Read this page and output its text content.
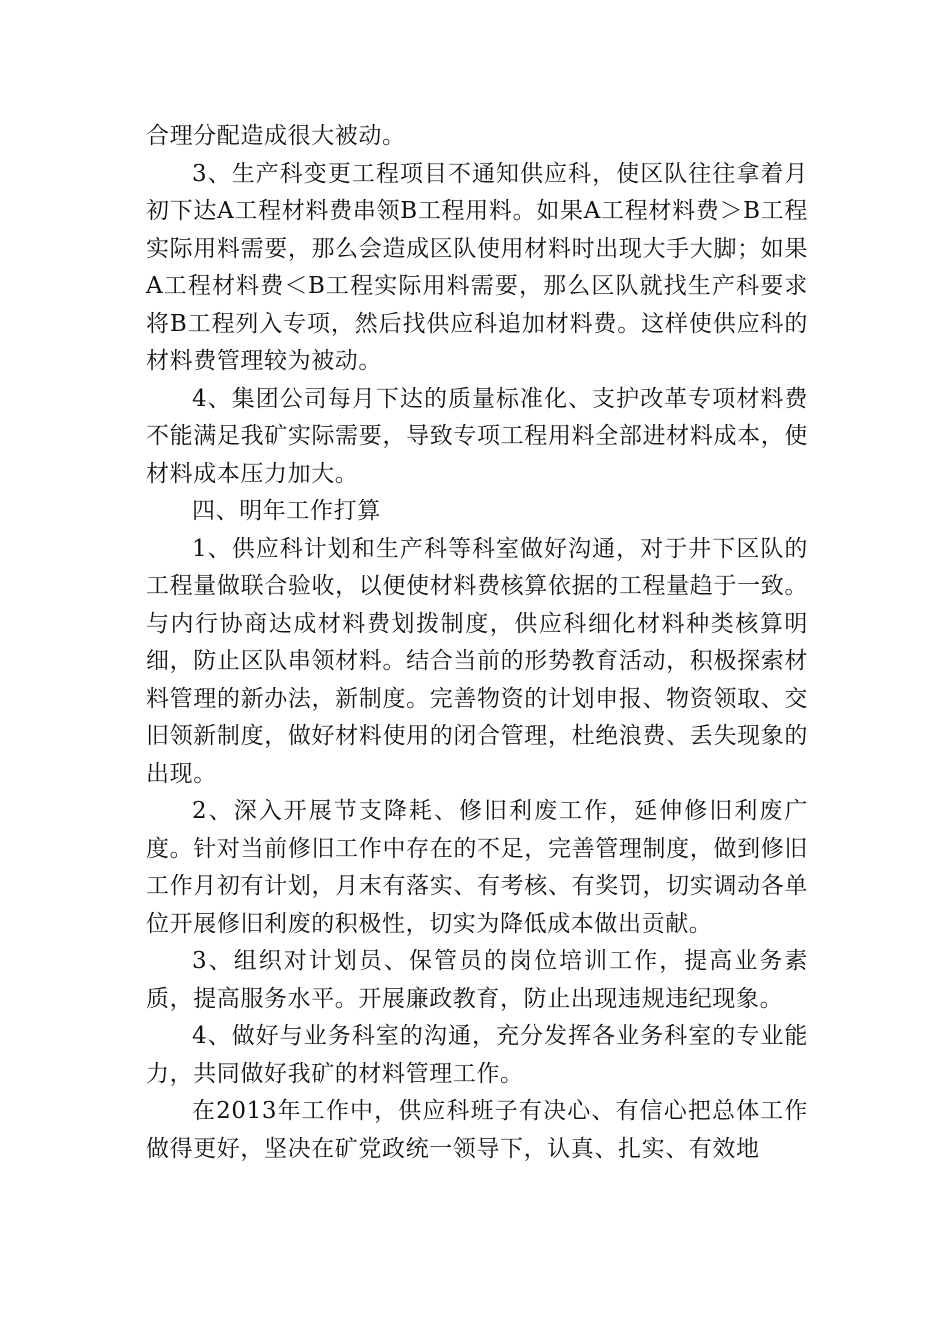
合理分配造成很大被动。

3、生产科变更工程项目不通知供应科，使区队往往拿着月初下达A工程材料费串领B工程用料。如果A工程材料费＞B工程实际用料需要，那么会造成区队使用材料时出现大手大脚；如果A工程材料费＜B工程实际用料需要，那么区队就找生产科要求将B工程列入专项，然后找供应科追加材料费。这样使供应科的材料费管理较为被动。

4、集团公司每月下达的质量标准化、支护改革专项材料费不能满足我矿实际需要，导致专项工程用料全部进材料成本，使材料成本压力加大。

四、明年工作打算

1、供应科计划和生产科等科室做好沟通，对于井下区队的工程量做联合验收，以便使材料费核算依据的工程量趋于一致。与内行协商达成材料费划拨制度，供应科细化材料种类核算明细，防止区队串领材料。结合当前的形势教育活动，积极探索材料管理的新办法，新制度。完善物资的计划申报、物资领取、交旧领新制度，做好材料使用的闭合管理，杜绝浪费、丢失现象的出现。

2、深入开展节支降耗、修旧利废工作，延伸修旧利废广度。针对当前修旧工作中存在的不足，完善管理制度，做到修旧工作月初有计划，月末有落实、有考核、有奖罚，切实调动各单位开展修旧利废的积极性，切实为降低成本做出贡献。

3、组织对计划员、保管员的岗位培训工作，提高业务素质，提高服务水平。开展廉政教育，防止出现违规违纪现象。

4、做好与业务科室的沟通，充分发挥各业务科室的专业能力，共同做好我矿的材料管理工作。

在2013年工作中，供应科班子有决心、有信心把总体工作做得更好，坚决在矿党政统一领导下，认真、扎实、有效地
